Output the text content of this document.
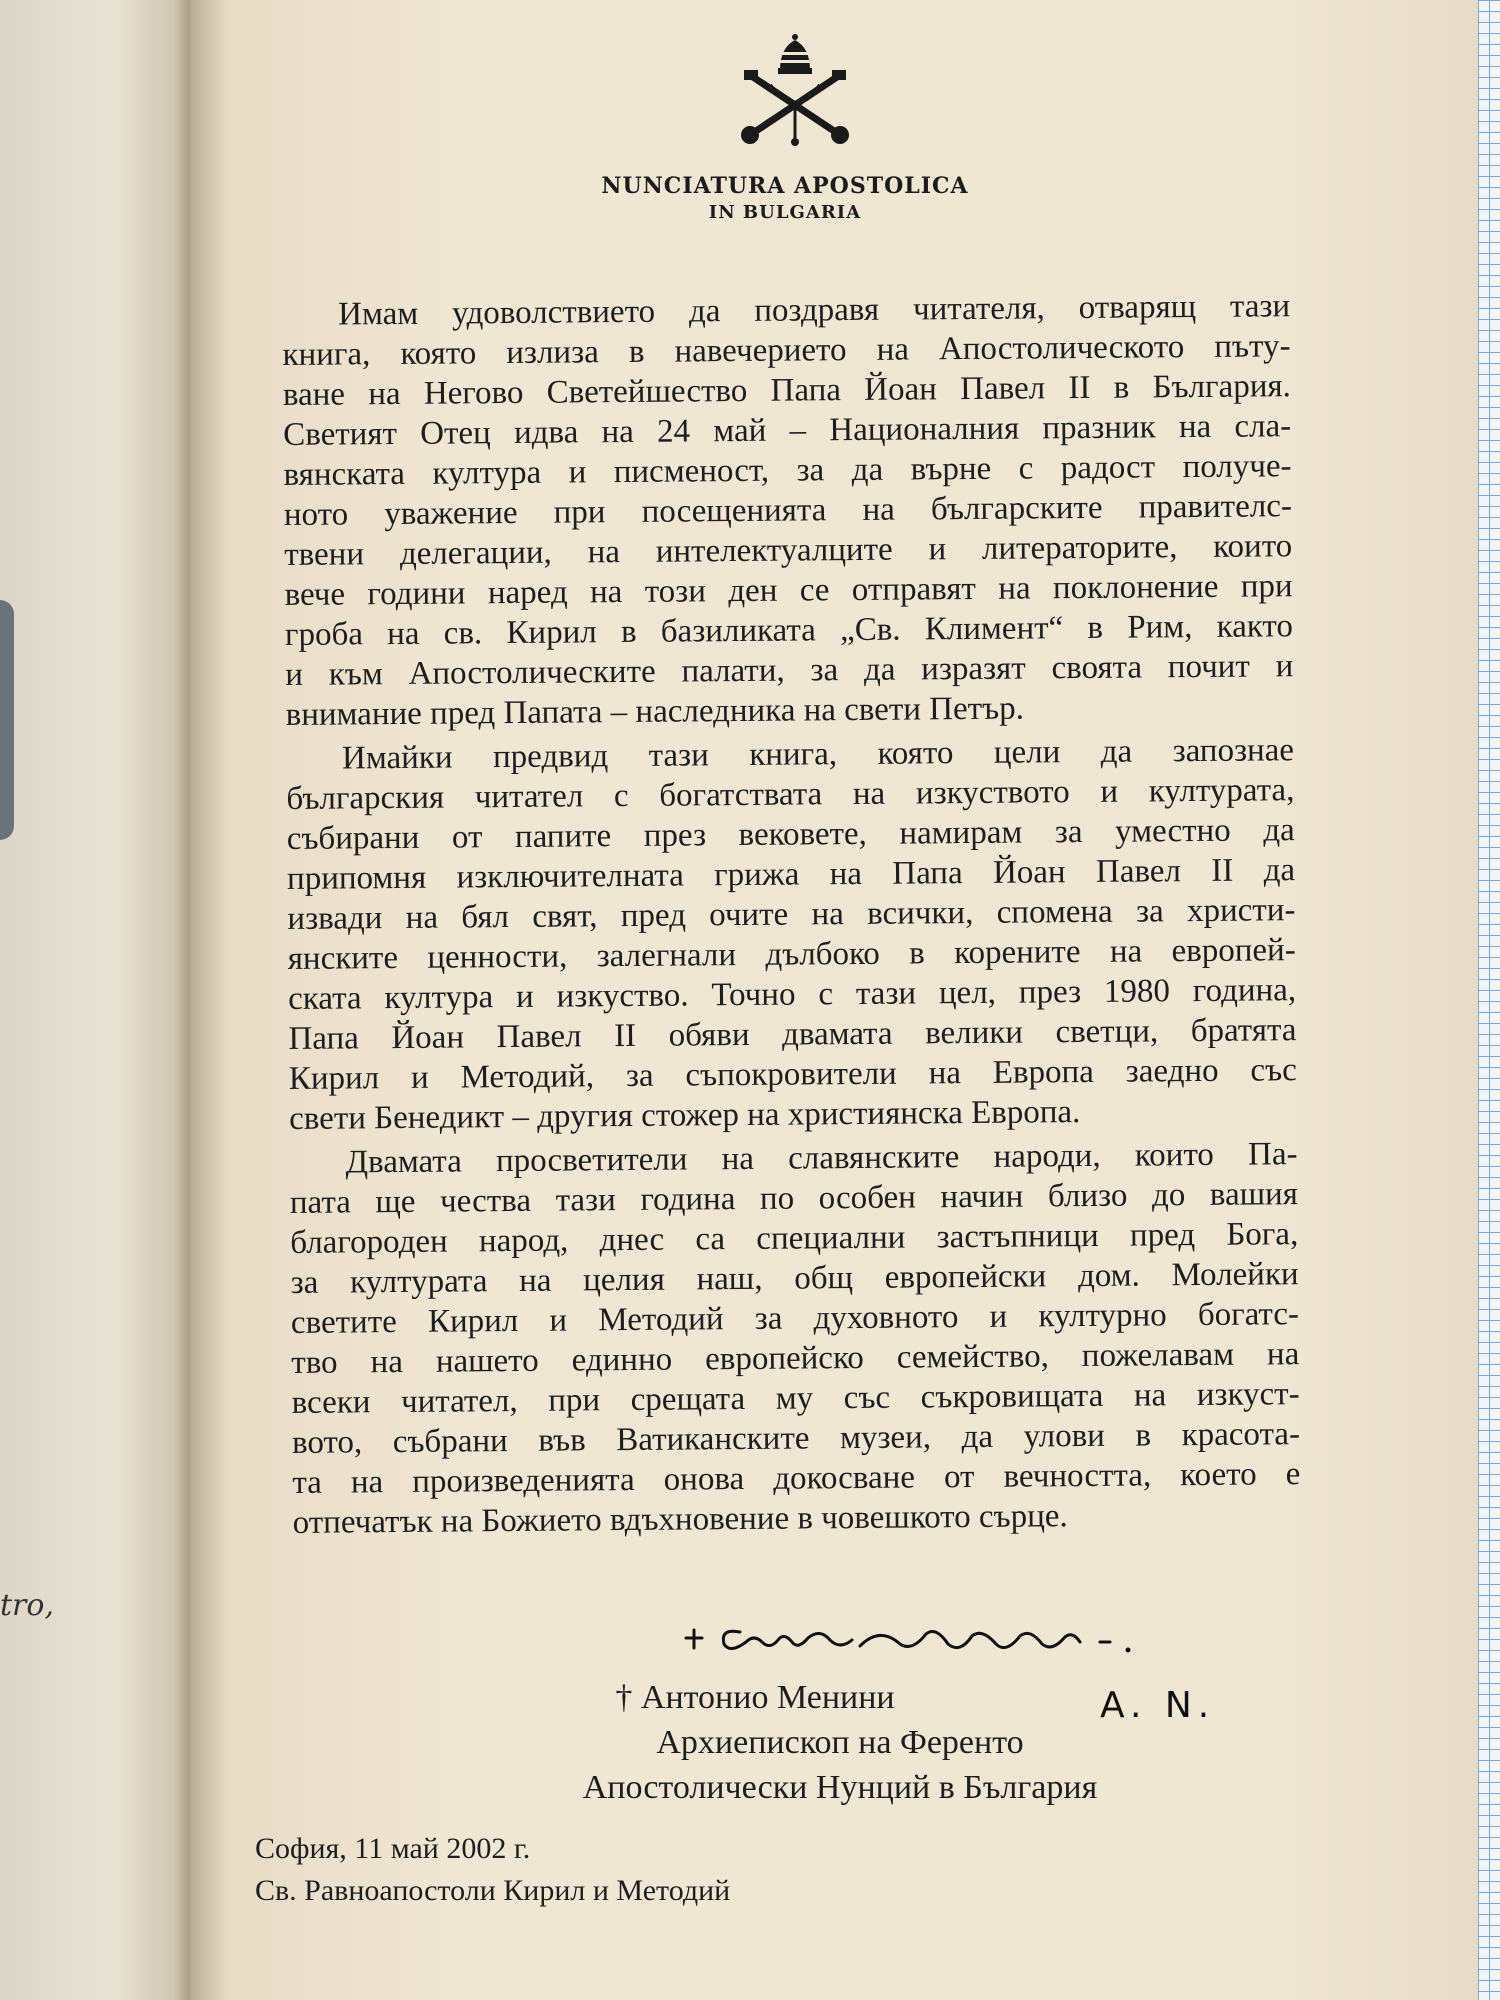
tro,
NUNCIATURA APOSTOLICA
IN BULGARIA
Имам удоволствието да поздравя читателя, отварящ тази
книга, която излиза в навечерието на Апостолическото пъту-
ване на Негово Светейшество Папа Йоан Павел II в България.
Светият Отец идва на 24 май – Националния празник на сла-
вянската култура и писменост, за да върне с радост получе-
ното уважение при посещенията на българските правителс-
твени делегации, на интелектуалците и литераторите, които
вече години наред на този ден се отправят на поклонение при
гроба на св. Кирил в базиликата „Св. Климент“ в Рим, както
и към Апостолическите палати, за да изразят своята почит и
внимание пред Папата – наследника на свети Петър.
Имайки предвид тази книга, която цели да запознае
българския читател с богатствата на изкуството и културата,
събирани от папите през вековете, намирам за уместно да
припомня изключителната грижа на Папа Йоан Павел II да
извади на бял свят, пред очите на всички, спомена за христи-
янските ценности, залегнали дълбоко в корените на европей-
ската култура и изкуство. Точно с тази цел, през 1980 година,
Папа Йоан Павел II обяви двамата велики светци, братята
Кирил и Методий, за съпокровители на Европа заедно със
свети Бенедикт – другия стожер на християнска Европа.
Двамата просветители на славянските народи, които Па-
пата ще чества тази година по особен начин близо до вашия
благороден народ, днес са специални застъпници пред Бога,
за културата на целия наш, общ европейски дом. Молейки
светите Кирил и Методий за духовното и културно богатс-
тво на нашето единно европейско семейство, пожелавам на
всеки читател, при срещата му със съкровищата на изкуст-
вото, събрани във Ватиканските музеи, да улови в красота-
та на произведенията онова докосване от вечността, което е
отпечатък на Божието вдъхновение в човешкото сърце.
A. N.
† Антонио Менини
Архиепископ на Ференто
Апостолически Нунций в България
София, 11 май 2002 г.
Св. Равноапостоли Кирил и Методий
